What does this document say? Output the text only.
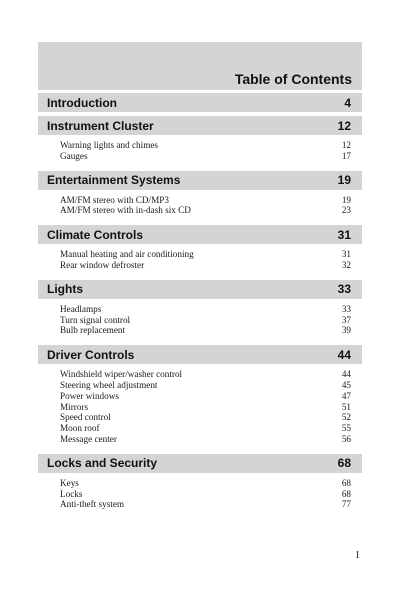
Table of Contents
Introduction	4
Instrument Cluster	12
Warning lights and chimes	12
Gauges	17
Entertainment Systems	19
AM/FM stereo with CD/MP3	19
AM/FM stereo with in-dash six CD	23
Climate Controls	31
Manual heating and air conditioning	31
Rear window defroster	32
Lights	33
Headlamps	33
Turn signal control	37
Bulb replacement	39
Driver Controls	44
Windshield wiper/washer control	44
Steering wheel adjustment	45
Power windows	47
Mirrors	51
Speed control	52
Moon roof	55
Message center	56
Locks and Security	68
Keys	68
Locks	68
Anti-theft system	77
1
